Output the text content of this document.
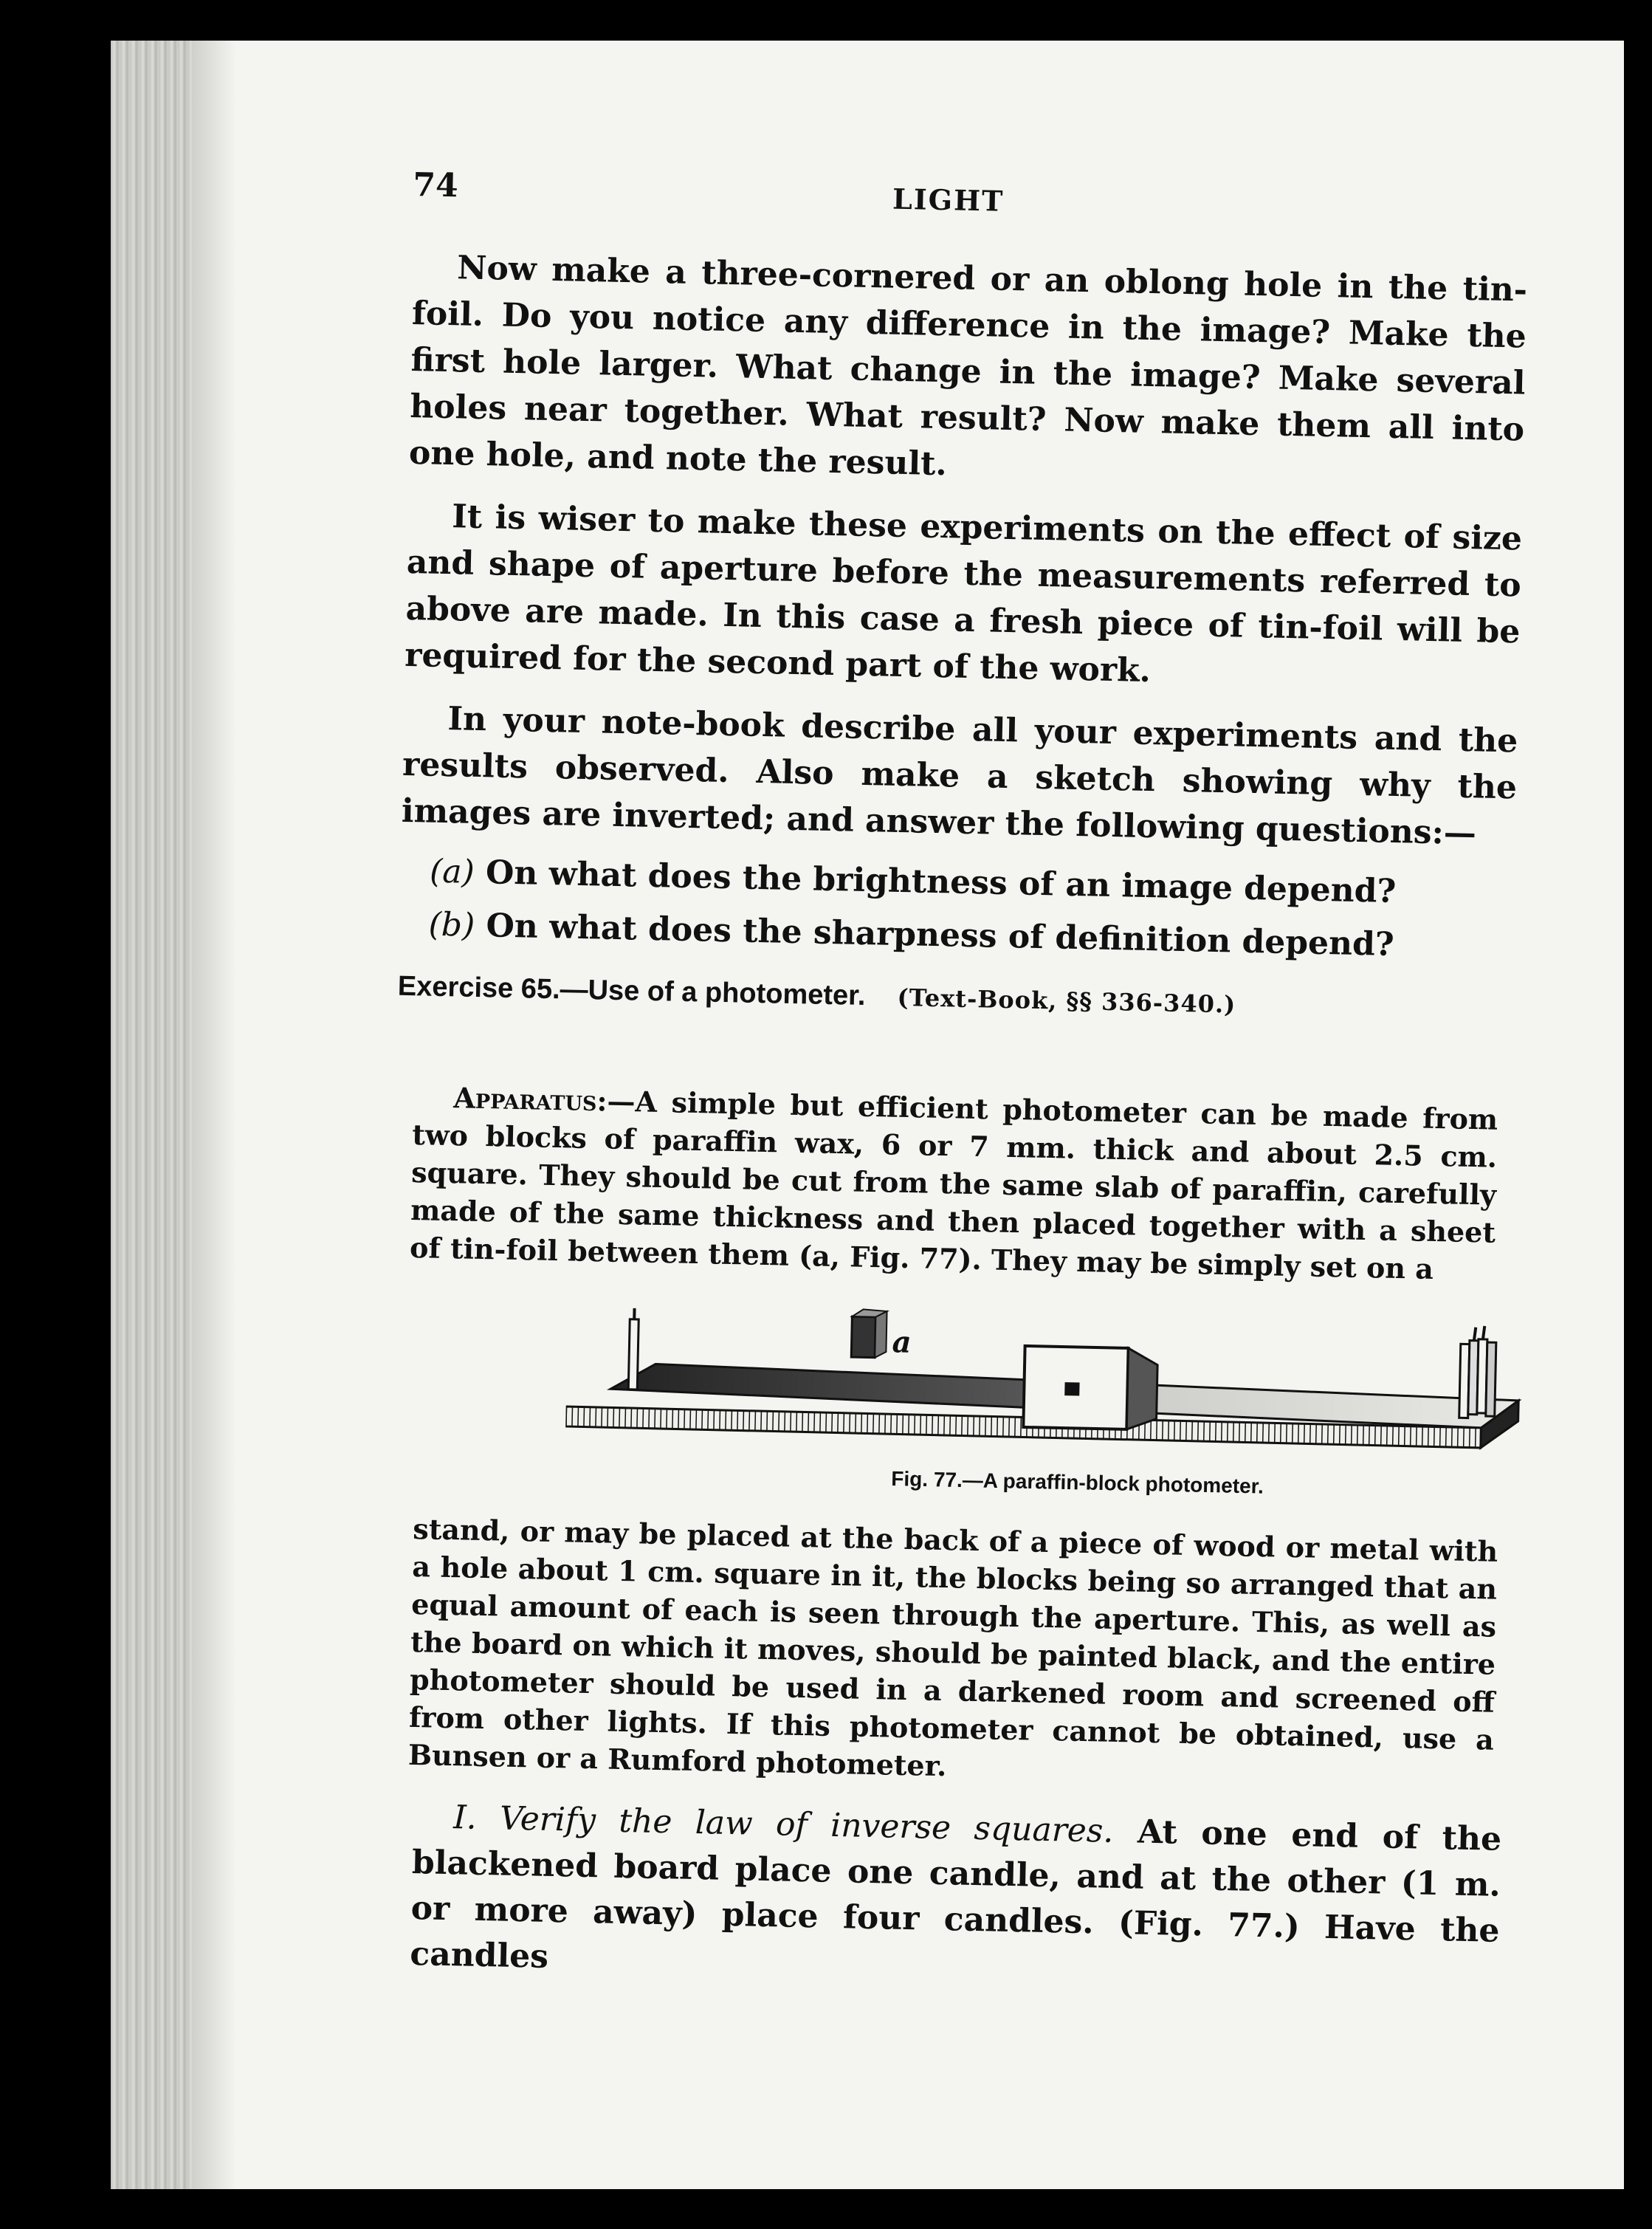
74	LIGHT

Now make a three-cornered or an oblong hole in the tin-foil. Do you notice any difference in the image? Make the first hole larger. What change in the image? Make several holes near together. What result? Now make them all into one hole, and note the result.

It is wiser to make these experiments on the effect of size and shape of aperture before the measurements referred to above are made. In this case a fresh piece of tin-foil will be required for the second part of the work.

In your note-book describe all your experiments and the results observed. Also make a sketch showing why the images are inverted; and answer the following questions:—

(a) On what does the brightness of an image depend?
(b) On what does the sharpness of definition depend?
Exercise 65.—Use of a photometer. (Text-Book, §§ 336-340.)
Apparatus:—A simple but efficient photometer can be made from two blocks of paraffin wax, 6 or 7 mm. thick and about 2.5 cm. square. They should be cut from the same slab of paraffin, carefully made of the same thickness and then placed together with a sheet of tin-foil between them (a, Fig. 77). They may be simply set on a
a
Fig. 77.—A paraffin-block photometer.
stand, or may be placed at the back of a piece of wood or metal with a hole about 1 cm. square in it, the blocks being so arranged that an equal amount of each is seen through the aperture. This, as well as the board on which it moves, should be painted black, and the entire photometer should be used in a darkened room and screened off from other lights. If this photometer cannot be obtained, use a Bunsen or a Rumford photometer.
I. Verify the law of inverse squares. At one end of the blackened board place one candle, and at the other (1 m. or more away) place four candles. (Fig. 77.) Have the candles
